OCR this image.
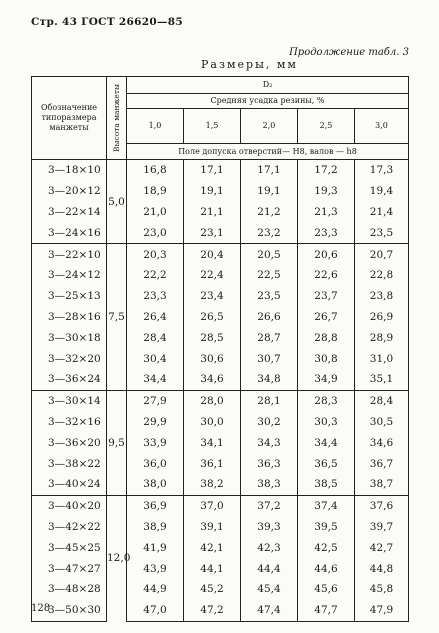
Стр. 43 ГОСТ 26620—85
Продолжение табл. 3
Размеры, мм
Обозначение типоразмера манжеты	Высота манжеты	D₂				
		Средняя усадка резины, %				
		1,0	1,5	2,0	2,5	3,0
		Поле допуска отверстий— H8, валов — h8				
3—18×10	5,0	16,8	17,1	17,1	17,2	17,3
3—20×12		18,9	19,1	19,1	19,3	19,4
3—22×14		21,0	21,1	21,2	21,3	21,4
3—24×16		23,0	23,1	23,2	23,3	23,5
3—22×10	7,5	20,3	20,4	20,5	20,6	20,7
3—24×12		22,2	22,4	22,5	22,6	22,8
3—25×13		23,3	23,4	23,5	23,7	23,8
3—28×16		26,4	26,5	26,6	26,7	26,9
3—30×18		28,4	28,5	28,7	28,8	28,9
3—32×20		30,4	30,6	30,7	30,8	31,0
3—36×24		34,4	34,6	34,8	34,9	35,1
3—30×14	9,5	27,9	28,0	28,1	28,3	28,4
3—32×16		29,9	30,0	30,2	30,3	30,5
3—36×20		33,9	34,1	34,3	34,4	34,6
3—38×22		36,0	36,1	36,3	36,5	36,7
3—40×24		38,0	38,2	38,3	38,5	38,7
3—40×20	12,0	36,9	37,0	37,2	37,4	37,6
3—42×22		38,9	39,1	39,3	39,5	39,7
3—45×25		41,9	42,1	42,3	42,5	42,7
3—47×27		43,9	44,1	44,4	44,6	44,8
3—48×28		44,9	45,2	45,4	45,6	45,8
3—50×30		47,0	47,2	47,4	47,7	47,9
128
